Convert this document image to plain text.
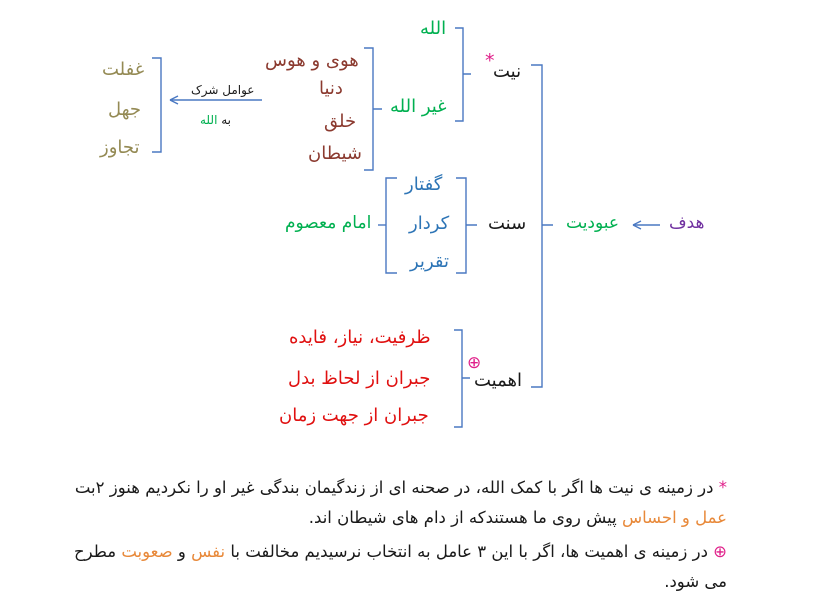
هدف
عبودیت
نیت
*
الله
غیر الله
هوی و هوس
دنیا
خلق
شیطان
عوامل شرک
به الله
غفلت
جهل
تجاوز
سنت
گفتار
کردار
تقریر
امام معصوم
اهمیت
⊕
ظرفیت، نیاز، فایده
جبران از لحاظ بدل
جبران از جهت زمان
* در زمینه ی نیت ها اگر با کمک الله، در صحنه ای از زندگیمان بندگی غیر او را نکردیم هنوز ۲بت عمل و احساس پیش روی ما هستندکه از دام های شیطان اند.
⊕ در زمینه ی اهمیت ها، اگر با این ۳ عامل به انتخاب نرسیدیم مخالفت با نفس و صعوبت مطرح می شود.
